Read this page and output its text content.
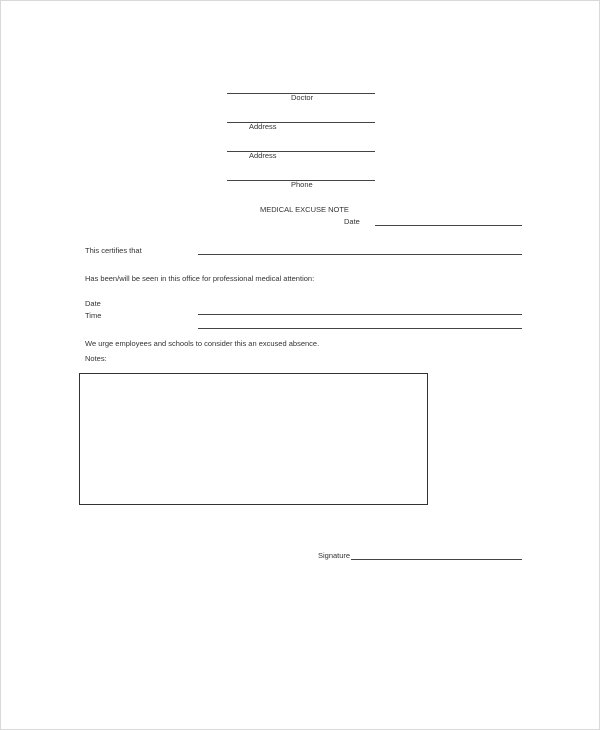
Doctor
Address
Address
Phone
MEDICAL EXCUSE NOTE
Date
This certifies that
Has been/will be seen in this office for professional medical attention:
Date
Time
We urge employees and schools to consider this an excused absence.
Notes:
Signature
